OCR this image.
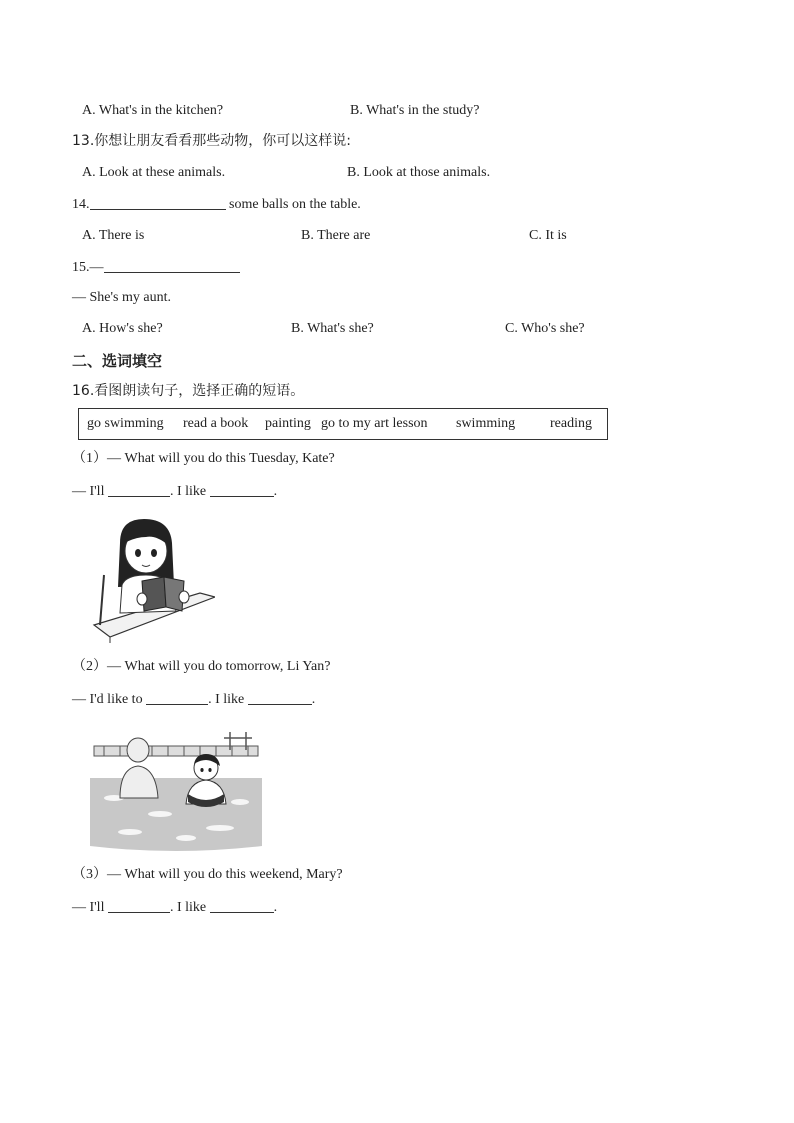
A. What's in the kitchen?	B. What's in the study?
13.你想让朋友看看那些动物，你可以这样说:
A. Look at these animals.	B. Look at those animals.
14.	some balls on the table.
A. There is	B. There are	C. It is
15.—
— She's my aunt.
A. How's she?	B. What's she?	C. Who's she?
二、选词填空
16.看图朗读句子，选择正确的短语。
go swimming read a book painting go to my art lesson swimming reading
（1）— What will you do this Tuesday, Kate?
— I'll	. I like	.
（2）— What will you do tomorrow, Li Yan?
— I'd like to	. I like	.
（3）— What will you do this weekend, Mary?
— I'll	. I like	.
